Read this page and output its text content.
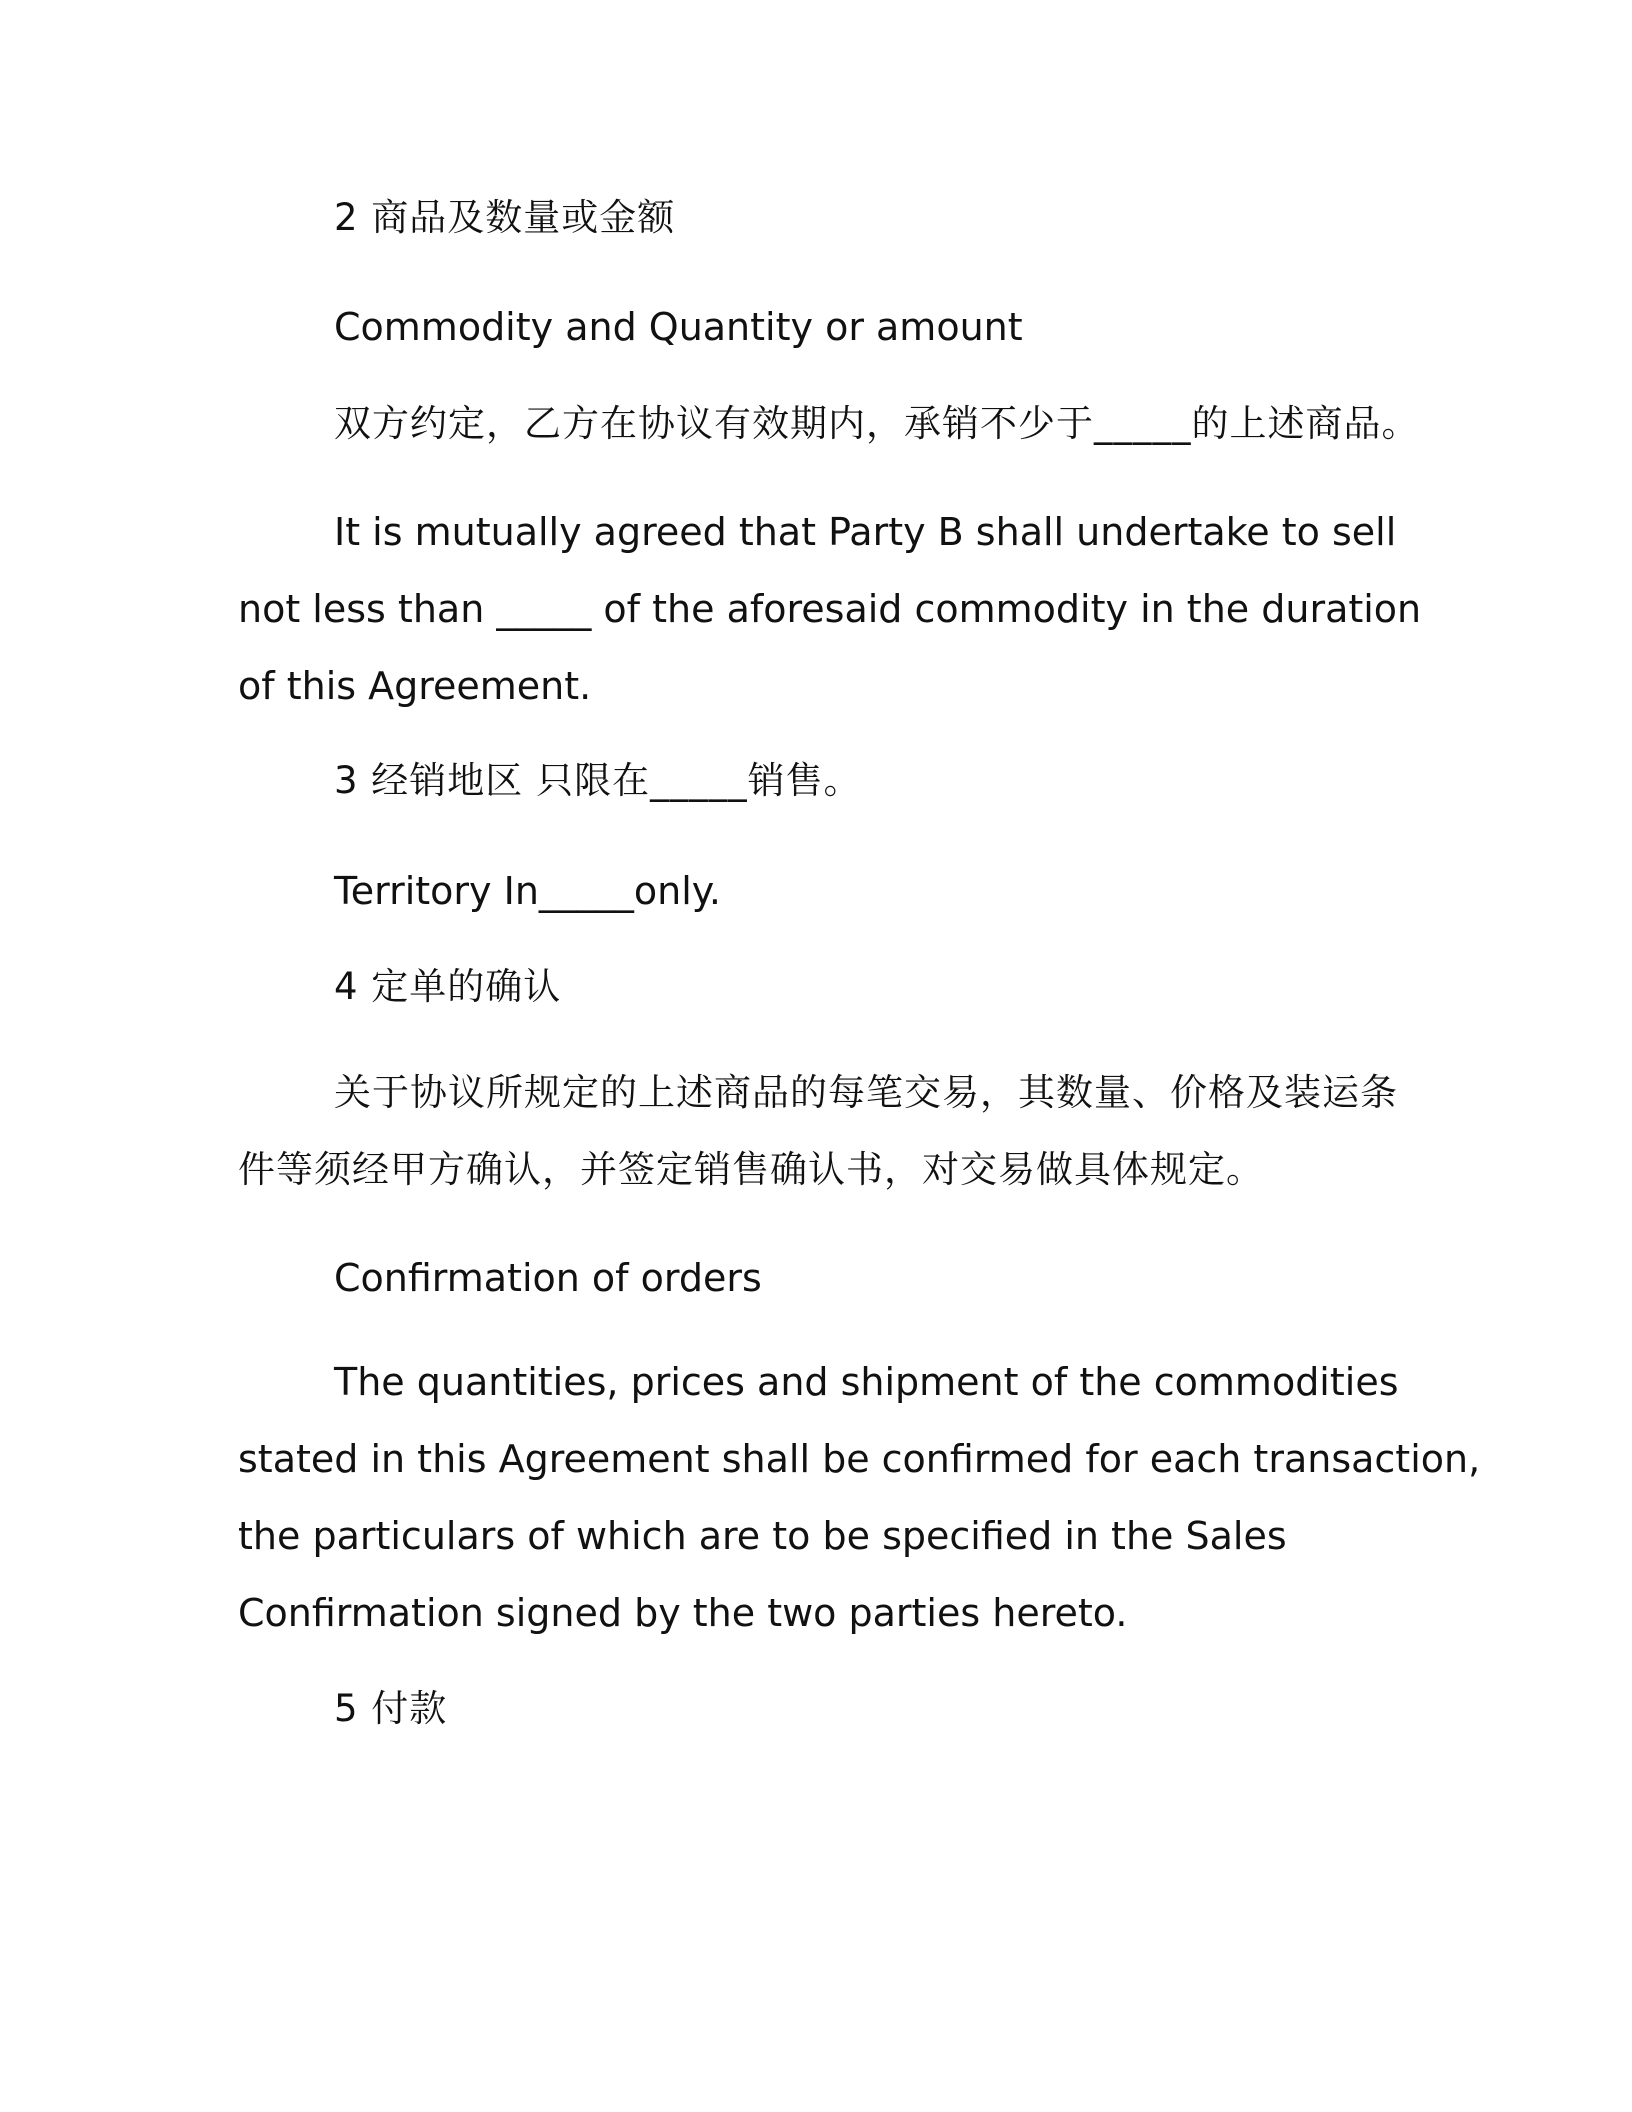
2 商品及数量或金额
Commodity and Quantity or amount
双方约定，乙方在协议有效期内，承销不少于_____的上述商品。
It is mutually agreed that Party B shall undertake to sell
not less than _____ of the aforesaid commodity in the duration
of this Agreement.
3 经销地区 只限在_____销售。
Territory In_____only.
4 定单的确认
关于协议所规定的上述商品的每笔交易，其数量、价格及装运条
件等须经甲方确认，并签定销售确认书，对交易做具体规定。
Confirmation of orders
The quantities, prices and shipment of the commodities
stated in this Agreement shall be confirmed for each transaction,
the particulars of which are to be specified in the Sales
Confirmation signed by the two parties hereto.
5 付款
